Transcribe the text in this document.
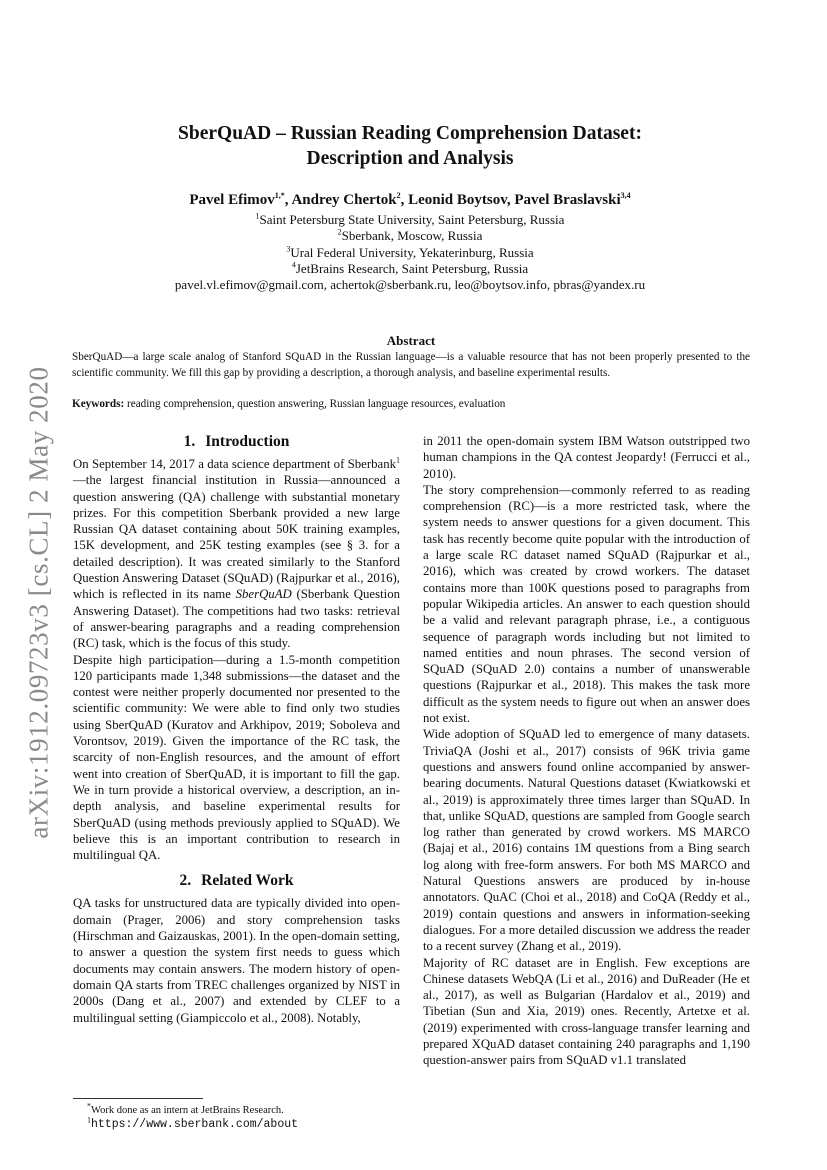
arXiv:1912.09723v3 [cs.CL] 2 May 2020
SberQuAD – Russian Reading Comprehension Dataset:
Description and Analysis
Pavel Efimov$^{1,*}$, Andrey Chertok$^2$, Leonid Boytsov, Pavel Braslavski$^{3,4}$
$^1$Saint Petersburg State University, Saint Petersburg, Russia
$^2$Sberbank, Moscow, Russia
$^3$Ural Federal University, Yekaterinburg, Russia
$^4$JetBrains Research, Saint Petersburg, Russia
pavel.vl.efimov@gmail.com, achertok@sberbank.ru, leo@boytsov.info, pbras@yandex.ru
Abstract
SberQuAD—a large scale analog of Stanford SQuAD in the Russian language—is a valuable resource that has not been properly presented to the scientific community. We fill this gap by providing a description, a thorough analysis, and baseline experimental results.
Keywords: reading comprehension, question answering, Russian language resources, evaluation
1. Introduction

On September 14, 2017 a data science department of Sberbank$^1$—the largest financial institution in Russia—announced a question answering (QA) challenge with substantial monetary prizes. For this competition Sberbank provided a new large Russian QA dataset containing about 50K training examples, 15K development, and 25K testing examples (see § 3. for a detailed description). It was created similarly to the Stanford Question Answering Dataset (SQuAD) (Rajpurkar et al., 2016), which is reflected in its name SberQuAD (Sberbank Question Answering Dataset). The competitions had two tasks: retrieval of answer-bearing paragraphs and a reading comprehension (RC) task, which is the focus of this study.

Despite high participation—during a 1.5-month competition 120 participants made 1,348 submissions—the dataset and the contest were neither properly documented nor presented to the scientific community: We were able to find only two studies using SberQuAD (Kuratov and Arkhipov, 2019; Soboleva and Vorontsov, 2019). Given the importance of the RC task, the scarcity of non-English resources, and the amount of effort went into creation of SberQuAD, it is important to fill the gap. We in turn provide a historical overview, a description, an in-depth analysis, and baseline experimental results for SberQuAD (using methods previously applied to SQuAD). We believe this is an important contribution to research in multilingual QA.

2. Related Work

QA tasks for unstructured data are typically divided into open-domain (Prager, 2006) and story comprehension tasks (Hirschman and Gaizauskas, 2001). In the open-domain setting, to answer a question the system first needs to guess which documents may contain answers. The modern history of open-domain QA starts from TREC challenges organized by NIST in 2000s (Dang et al., 2007) and extended by CLEF to a multilingual setting (Giampiccolo et al., 2008). Notably,

in 2011 the open-domain system IBM Watson outstripped two human champions in the QA contest Jeopardy! (Ferrucci et al., 2010).

The story comprehension—commonly referred to as reading comprehension (RC)—is a more restricted task, where the system needs to answer questions for a given document. This task has recently become quite popular with the introduction of a large scale RC dataset named SQuAD (Rajpurkar et al., 2016), which was created by crowd workers. The dataset contains more than 100K questions posed to paragraphs from popular Wikipedia articles. An answer to each question should be a valid and relevant paragraph phrase, i.e., a contiguous sequence of paragraph words including but not limited to named entities and noun phrases. The second version of SQuAD (SQuAD 2.0) contains a number of unanswerable questions (Rajpurkar et al., 2018). This makes the task more difficult as the system needs to figure out when an answer does not exist.

Wide adoption of SQuAD led to emergence of many datasets. TriviaQA (Joshi et al., 2017) consists of 96K trivia game questions and answers found online accompanied by answer-bearing documents. Natural Questions dataset (Kwiatkowski et al., 2019) is approximately three times larger than SQuAD. In that, unlike SQuAD, questions are sampled from Google search log rather than generated by crowd workers. MS MARCO (Bajaj et al., 2016) contains 1M questions from a Bing search log along with free-form answers. For both MS MARCO and Natural Questions answers are produced by in-house annotators. QuAC (Choi et al., 2018) and CoQA (Reddy et al., 2019) contain questions and answers in information-seeking dialogues. For a more detailed discussion we address the reader to a recent survey (Zhang et al., 2019).

Majority of RC dataset are in English. Few exceptions are Chinese datasets WebQA (Li et al., 2016) and DuReader (He et al., 2017), as well as Bulgarian (Hardalov et al., 2019) and Tibetian (Sun and Xia, 2019) ones. Recently, Artetxe et al. (2019) experimented with cross-language transfer learning and prepared XQuAD dataset containing 240 paragraphs and 1,190 question-answer pairs from SQuAD v1.1 translated

*Work done as an intern at JetBrains Research.
$^1$https://www.sberbank.com/about
